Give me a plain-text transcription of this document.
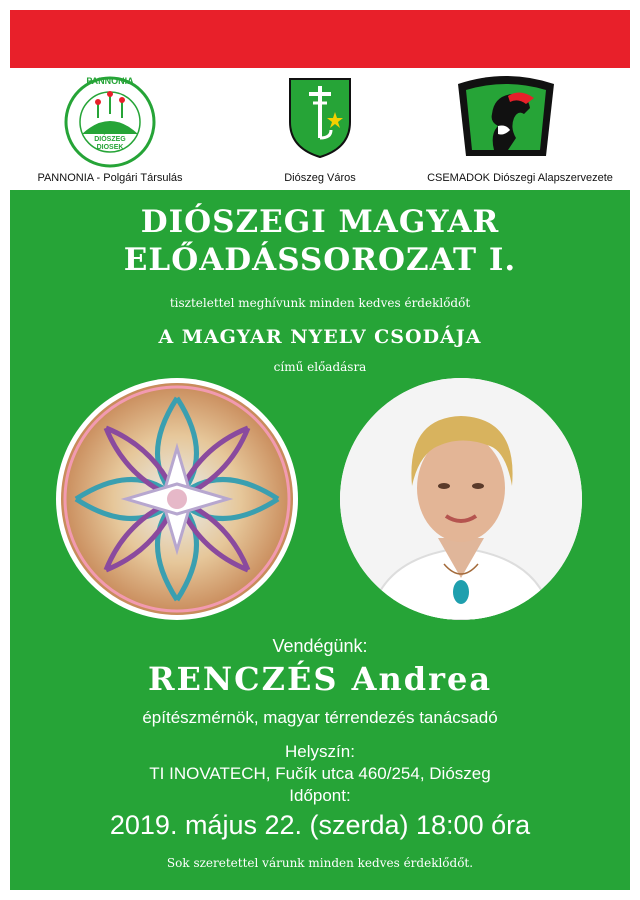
PANNONIA
DIÓSZEG
DIOSEK
PANNONIA - Polgári Társulás	Diószeg Város	CSEMADOK Diószegi Alapszervezete
DIÓSZEGI MAGYAR
ELŐADÁSSOROZAT I.
tisztelettel meghívunk minden kedves érdeklődőt
A MAGYAR NYELV CSODÁJA
című előadásra
Vendégünk:
RENCZÉS Andrea
építészmérnök, magyar térrendezés tanácsadó
Helyszín:
TI INOVATECH, Fučík utca 460/254, Diószeg
Időpont:
2019. május 22. (szerda) 18:00 óra
Sok szeretettel várunk minden kedves érdeklődőt.
